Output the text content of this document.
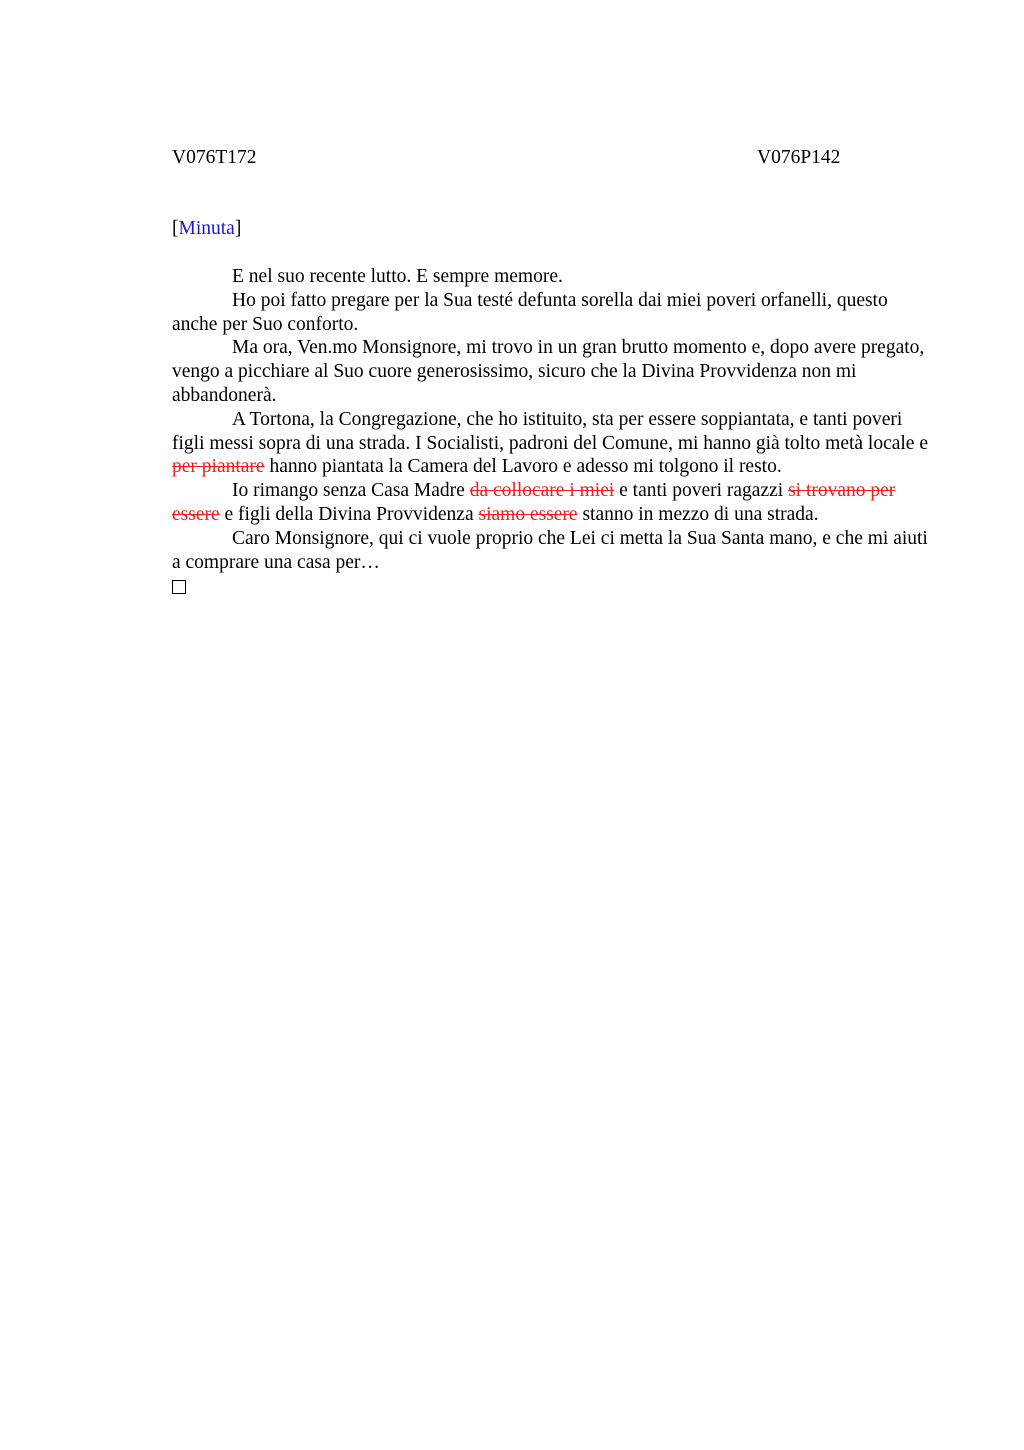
V076T172	V076P142
[Minuta]

E nel suo recente lutto. E sempre memore.

Ho poi fatto pregare per la Sua testé defunta sorella dai miei poveri orfanelli, questo anche per Suo conforto.

Ma ora, Ven.mo Monsignore, mi trovo in un gran brutto momento e, dopo avere pregato, vengo a picchiare al Suo cuore generosissimo, sicuro che la Divina Provvidenza non mi abbandonerà.

A Tortona, la Congregazione, che ho istituito, sta per essere soppiantata, e tanti poveri figli messi sopra di una strada. I Socialisti, padroni del Comune, mi hanno già tolto metà locale e per piantare hanno piantata la Camera del Lavoro e adesso mi tolgono il resto.

Io rimango senza Casa Madre da collocare i miei e tanti poveri ragazzi si trovano per essere e figli della Divina Provvidenza siamo essere stanno in mezzo di una strada.

Caro Monsignore, qui ci vuole proprio che Lei ci metta la Sua Santa mano, e che mi aiuti a comprare una casa per…
